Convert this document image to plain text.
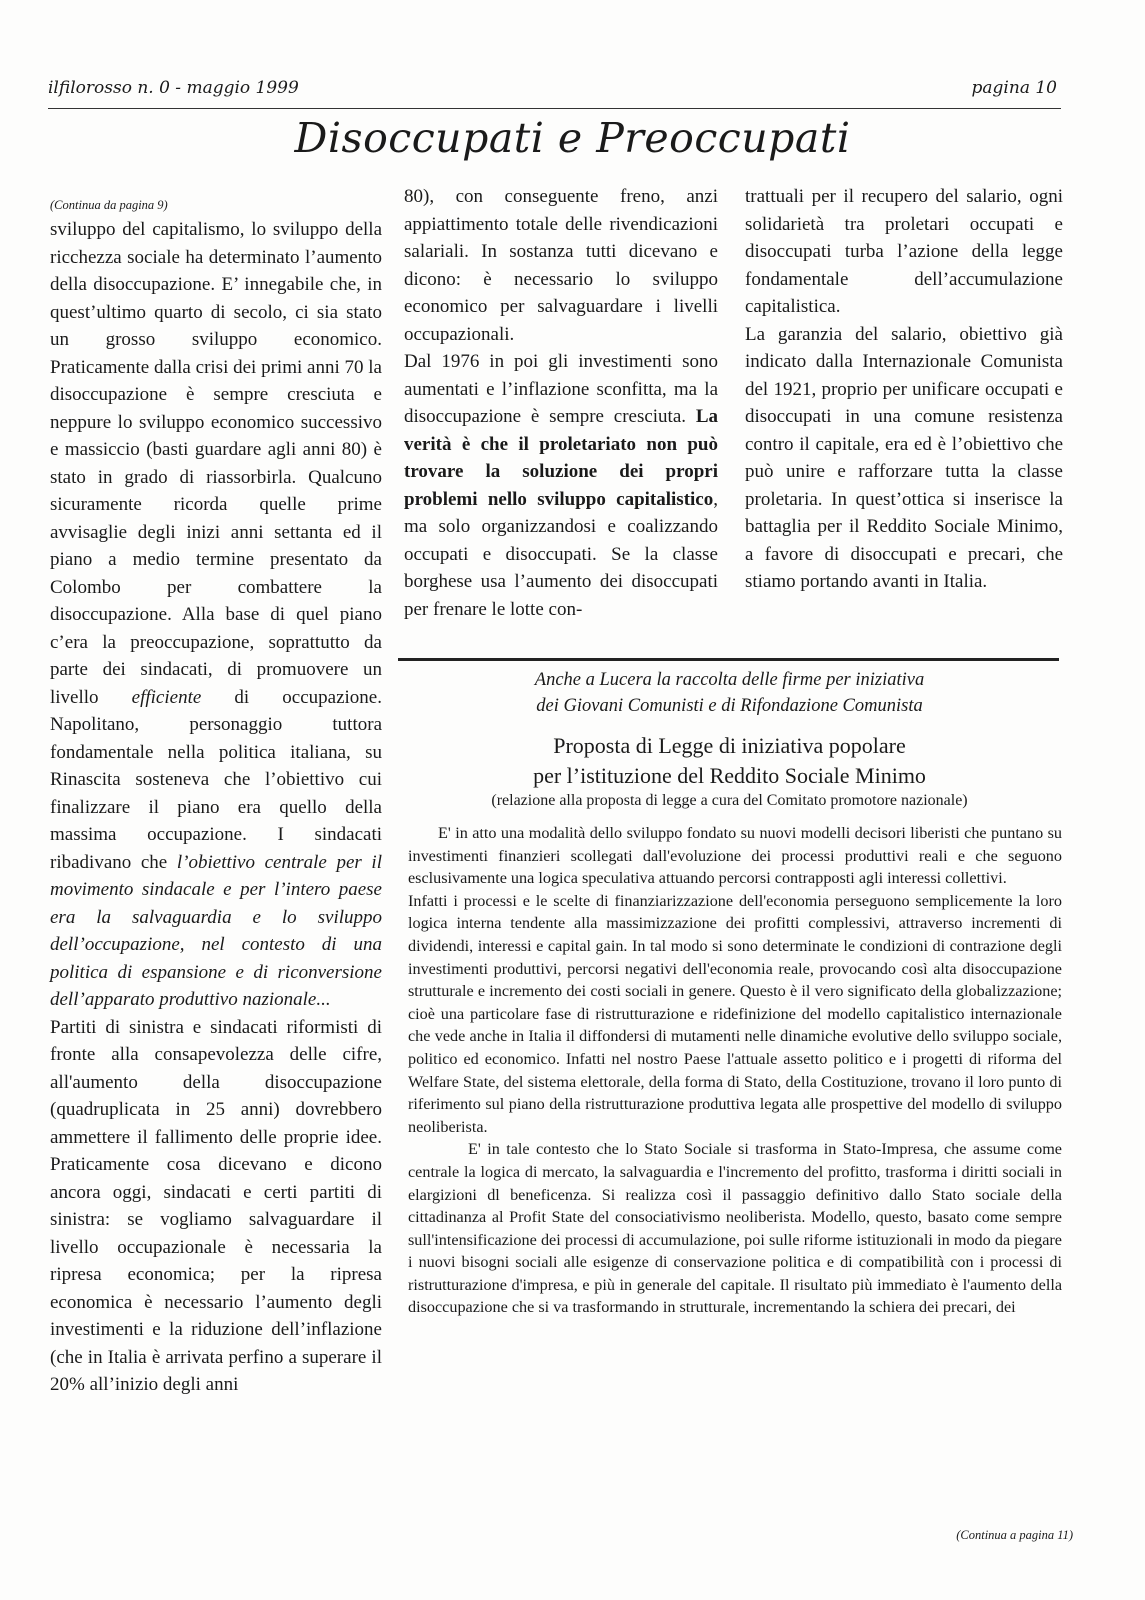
ilfilorosso n. 0 - maggio 1999	pagina 10
Disoccupati e Preoccupati
(Continua da pagina 9)

sviluppo del capitalismo, lo sviluppo della ricchezza sociale ha determinato l’aumento della disoccupazione. E’ innegabile che, in quest’ultimo quarto di secolo, ci sia stato un grosso sviluppo economico. Praticamente dalla crisi dei primi anni 70 la disoccupazione è sempre cresciuta e neppure lo sviluppo economico successivo e massiccio (basti guardare agli anni 80) è stato in grado di riassorbirla. Qualcuno sicuramente ricorda quelle prime avvisaglie degli inizi anni settanta ed il piano a medio termine presentato da Colombo per combattere la disoccupazione. Alla base di quel piano c’era la preoccupazione, soprattutto da parte dei sindacati, di promuovere un livello efficiente di occupazione. Napolitano, personaggio tuttora fondamentale nella politica italiana, su Rinascita sosteneva che l’obiettivo cui finalizzare il piano era quello della massima occupazione. I sindacati ribadivano che l’obiettivo centrale per il movimento sindacale e per l’intero paese era la salvaguardia e lo sviluppo dell’occupazione, nel contesto di una politica di espansione e di riconversione dell’apparato produttivo nazionale...

Partiti di sinistra e sindacati riformisti di fronte alla consapevolezza delle cifre, all'aumento della disoccupazione (quadruplicata in 25 anni) dovrebbero ammettere il fallimento delle proprie idee. Praticamente cosa dicevano e dicono ancora oggi, sindacati e certi partiti di sinistra: se vogliamo salvaguardare il livello occupazionale è necessaria la ripresa economica; per la ripresa economica è necessario l’aumento degli investimenti e la riduzione dell’inflazione (che in Italia è arrivata perfino a superare il 20% all’inizio degli anni

80), con conseguente freno, anzi appiattimento totale delle rivendicazioni salariali. In sostanza tutti dicevano e dicono: è necessario lo sviluppo economico per salvaguardare i livelli occupazionali.

Dal 1976 in poi gli investimenti sono aumentati e l’inflazione sconfitta, ma la disoccupazione è sempre cresciuta. La verità è che il proletariato non può trovare la soluzione dei propri problemi nello sviluppo capitalistico, ma solo organizzandosi e coalizzando occupati e disoccupati. Se la classe borghese usa l’aumento dei disoccupati per frenare le lotte con-

trattuali per il recupero del salario, ogni solidarietà tra proletari occupati e disoccupati turba l’azione della legge fondamentale dell’accumulazione capitalistica.

La garanzia del salario, obiettivo già indicato dalla Internazionale Comunista del 1921, proprio per unificare occupati e disoccupati in una comune resistenza contro il capitale, era ed è l’obiettivo che può unire e rafforzare tutta la classe proletaria. In quest’ottica si inserisce la battaglia per il Reddito Sociale Minimo, a favore di disoccupati e precari, che stiamo portando avanti in Italia.

Anche a Lucera la raccolta delle firme per iniziativa
dei Giovani Comunisti e di Rifondazione Comunista
Proposta di Legge di iniziativa popolare
per l’istituzione del Reddito Sociale Minimo
(relazione alla proposta di legge a cura del Comitato promotore nazionale)

E' in atto una modalità dello sviluppo fondato su nuovi modelli decisori liberisti che puntano su investimenti finanzieri scollegati dall'evoluzione dei processi produttivi reali e che seguono esclusivamente una logica speculativa attuando percorsi contrapposti agli interessi collettivi.

Infatti i processi e le scelte di finanziarizzazione dell'economia perseguono semplicemente la loro logica interna tendente alla massimizzazione dei profitti complessivi, attraverso incrementi di dividendi, interessi e capital gain. In tal modo si sono determinate le condizioni di contrazione degli investimenti produttivi, percorsi negativi dell'economia reale, provocando così alta disoccupazione strutturale e incremento dei costi sociali in genere. Questo è il vero significato della globalizzazione; cioè una particolare fase di ristrutturazione e ridefinizione del modello capitalistico internazionale che vede anche in Italia il diffondersi di mutamenti nelle dinamiche evolutive dello sviluppo sociale, politico ed economico. Infatti nel nostro Paese l'attuale assetto politico e i progetti di riforma del Welfare State, del sistema elettorale, della forma di Stato, della Costituzione, trovano il loro punto di riferimento sul piano della ristrutturazione produttiva legata alle prospettive del modello di sviluppo neoliberista.

E' in tale contesto che lo Stato Sociale si trasforma in Stato-Impresa, che assume come centrale la logica di mercato, la salvaguardia e l'incremento del profitto, trasforma i diritti sociali in elargizioni dl beneficenza. Si realizza così il passaggio definitivo dallo Stato sociale della cittadinanza al Profit State del consociativismo neoliberista. Modello, questo, basato come sempre sull'intensificazione dei processi di accumulazione, poi sulle riforme istituzionali in modo da piegare i nuovi bisogni sociali alle esigenze di conservazione politica e di compatibilità con i processi di ristrutturazione d'impresa, e più in generale del capitale. Il risultato più immediato è l'aumento della disoccupazione che si va trasformando in strutturale, incrementando la schiera dei precari, dei

(Continua a pagina 11)
